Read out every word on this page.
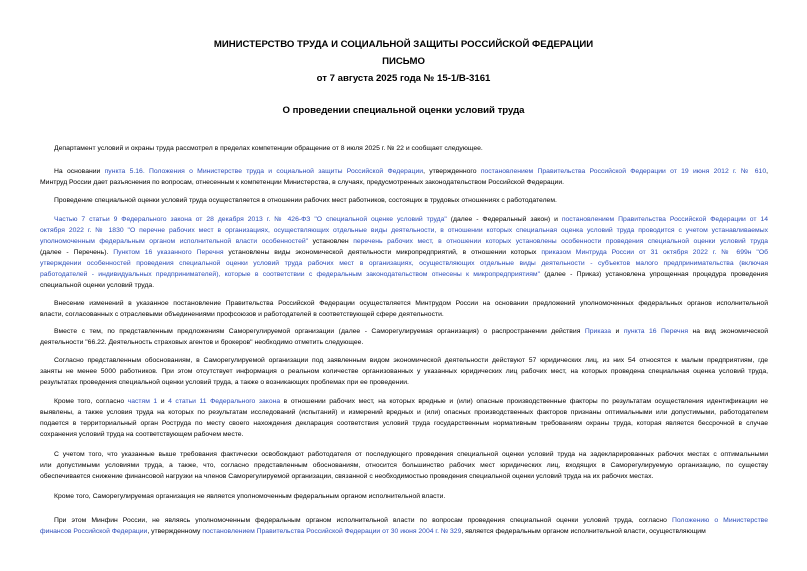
МИНИСТЕРСТВО ТРУДА И СОЦИАЛЬНОЙ ЗАЩИТЫ РОССИЙСКОЙ ФЕДЕРАЦИИ
ПИСЬМО
от 7 августа 2025 года № 15-1/В-3161
О проведении специальной оценки условий труда
Департамент условий и охраны труда рассмотрел в пределах компетенции обращение от 8 июля 2025 г. № 22 и сообщает следующее.
На основании пункта 5.16. Положения о Министерстве труда и социальной защиты Российской Федерации, утвержденного постановлением Правительства Российской Федерации от 19 июня 2012 г. № 610,
Минтруд России дает разъяснения по вопросам, отнесенным к компетенции Министерства, в случаях, предусмотренных законодательством Российской Федерации.
Проведение специальной оценки условий труда осуществляется в отношении рабочих мест работников, состоящих в трудовых отношениях с работодателем.
Частью 7 статьи 9 Федерального закона от 28 декабря 2013 г. № 426-ФЗ "О специальной оценке условий труда" (далее - Федеральный закон) и постановлением Правительства Российской Федерации от 14
октября 2022 г. № 1830 "О перечне рабочих мест в организациях, осуществляющих отдельные виды деятельности, в отношении которых специальная оценка условий труда проводится с учетом устанавливаемых
уполномоченным федеральным органом исполнительной власти особенностей" установлен перечень рабочих мест, в отношении которых установлены особенности проведения специальной оценки условий труда
(далее - Перечень). Пунктом 16 указанного Перечня установлены виды экономической деятельности микропредприятий, в отношении которых приказом Минтруда России от 31 октября 2022 г. № 699н "Об
утверждении особенностей проведения специальной оценки условий труда рабочих мест в организациях, осуществляющих отдельные виды деятельности - субъектов малого предпринимательства (включая
работодателей - индивидуальных предпринимателей), которые в соответствии с федеральным законодательством отнесены к микропредприятиям" (далее - Приказ) установлена упрощенная процедура проведения
специальной оценки условий труда.
Внесение изменений в указанное постановление Правительства Российской Федерации осуществляется Минтрудом России на основании предложений уполномоченных федеральных органов исполнительной
власти, согласованных с отраслевыми объединениями профсоюзов и работодателей в соответствующей сфере деятельности.
Вместе с тем, по представленным предложениям Саморегулируемой организации (далее - Саморегулируемая организация) о распространении действия Приказа и пункта 16 Перечня на вид экономической
деятельности "66.22. Деятельность страховых агентов и брокеров" необходимо отметить следующее.
Согласно представленным обоснованиям, в Саморегулируемой организации под заявленным видом экономической деятельности действуют 57 юридических лиц, из них 54 относятся к малым предприятиям, где
заняты не менее 5000 работников. При этом отсутствует информация о реальном количестве организованных у указанных юридических лиц рабочих мест, на которых проведена специальная оценка условий труда,
результатах проведения специальной оценки условий труда, а также о возникающих проблемах при ее проведении.
Кроме того, согласно частям 1 и 4 статьи 11 Федерального закона в отношении рабочих мест, на которых вредные и (или) опасные производственные факторы по результатам осуществления идентификации не
выявлены, а также условия труда на которых по результатам исследований (испытаний) и измерений вредных и (или) опасных производственных факторов признаны оптимальными или допустимыми, работодателем
подается в территориальный орган Роструда по месту своего нахождения декларация соответствия условий труда государственным нормативным требованиям охраны труда, которая является бессрочной в случае
сохранения условий труда на соответствующем рабочем месте.
С учетом того, что указанные выше требования фактически освобождают работодателя от последующего проведения специальной оценки условий труда на задекларированных рабочих местах с оптимальными
или допустимыми условиями труда, а также, что, согласно представленным обоснованиям, относится большинство рабочих мест юридических лиц, входящих в Саморегулируемую организацию, по существу
обеспечивается снижение финансовой нагрузки на членов Саморегулируемой организации, связанной с необходимостью проведения специальной оценки условий труда на их рабочих местах.
Кроме того, Саморегулируемая организация не является уполномоченным федеральным органом исполнительной власти.
При этом Минфин России, не являясь уполномоченным федеральным органом исполнительной власти по вопросам проведения специальной оценки условий труда, согласно Положению о Министерстве
финансов Российской Федерации, утвержденному постановлением Правительства Российской Федерации от 30 июня 2004 г. № 329, является федеральным органом исполнительной власти, осуществляющим
